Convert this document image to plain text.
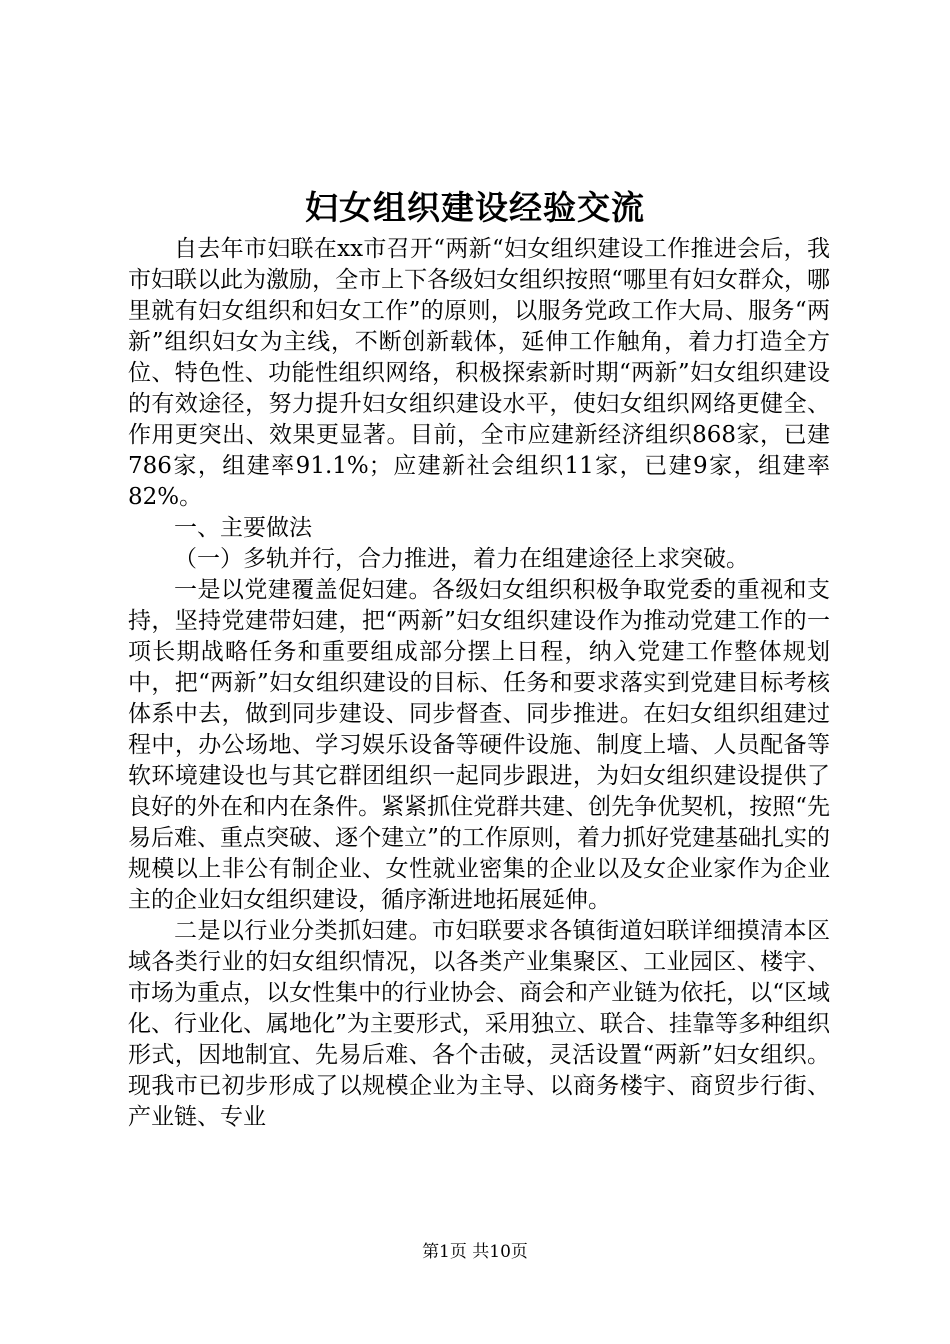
妇女组织建设经验交流

自去年市妇联在xx市召开“两新“妇女组织建设工作推进会后，我市妇联以此为激励，全市上下各级妇女组织按照“哪里有妇女群众，哪里就有妇女组织和妇女工作”的原则，以服务党政工作大局、服务“两新”组织妇女为主线，不断创新载体，延伸工作触角，着力打造全方位、特色性、功能性组织网络，积极探索新时期“两新”妇女组织建设的有效途径，努力提升妇女组织建设水平，使妇女组织网络更健全、作用更突出、效果更显著。目前，全市应建新经济组织868家，已建786家，组建率91.1%；应建新社会组织11家，已建9家，组建率82%。

一、主要做法

（一）多轨并行，合力推进，着力在组建途径上求突破。

一是以党建覆盖促妇建。各级妇女组织积极争取党委的重视和支持，坚持党建带妇建，把“两新”妇女组织建设作为推动党建工作的一项长期战略任务和重要组成部分摆上日程，纳入党建工作整体规划中，把“两新”妇女组织建设的目标、任务和要求落实到党建目标考核体系中去，做到同步建设、同步督查、同步推进。在妇女组织组建过程中，办公场地、学习娱乐设备等硬件设施、制度上墙、人员配备等软环境建设也与其它群团组织一起同步跟进，为妇女组织建设提供了良好的外在和内在条件。紧紧抓住党群共建、创先争优契机，按照“先易后难、重点突破、逐个建立”的工作原则，着力抓好党建基础扎实的规模以上非公有制企业、女性就业密集的企业以及女企业家作为企业主的企业妇女组织建设，循序渐进地拓展延伸。

二是以行业分类抓妇建。市妇联要求各镇街道妇联详细摸清本区域各类行业的妇女组织情况，以各类产业集聚区、工业园区、楼宇、市场为重点，以女性集中的行业协会、商会和产业链为依托，以“区域化、行业化、属地化”为主要形式，采用独立、联合、挂靠等多种组织形式，因地制宜、先易后难、各个击破，灵活设置“两新”妇女组织。现我市已初步形成了以规模企业为主导、以商务楼宇、商贸步行街、产业链、专业

第1页 共10页
